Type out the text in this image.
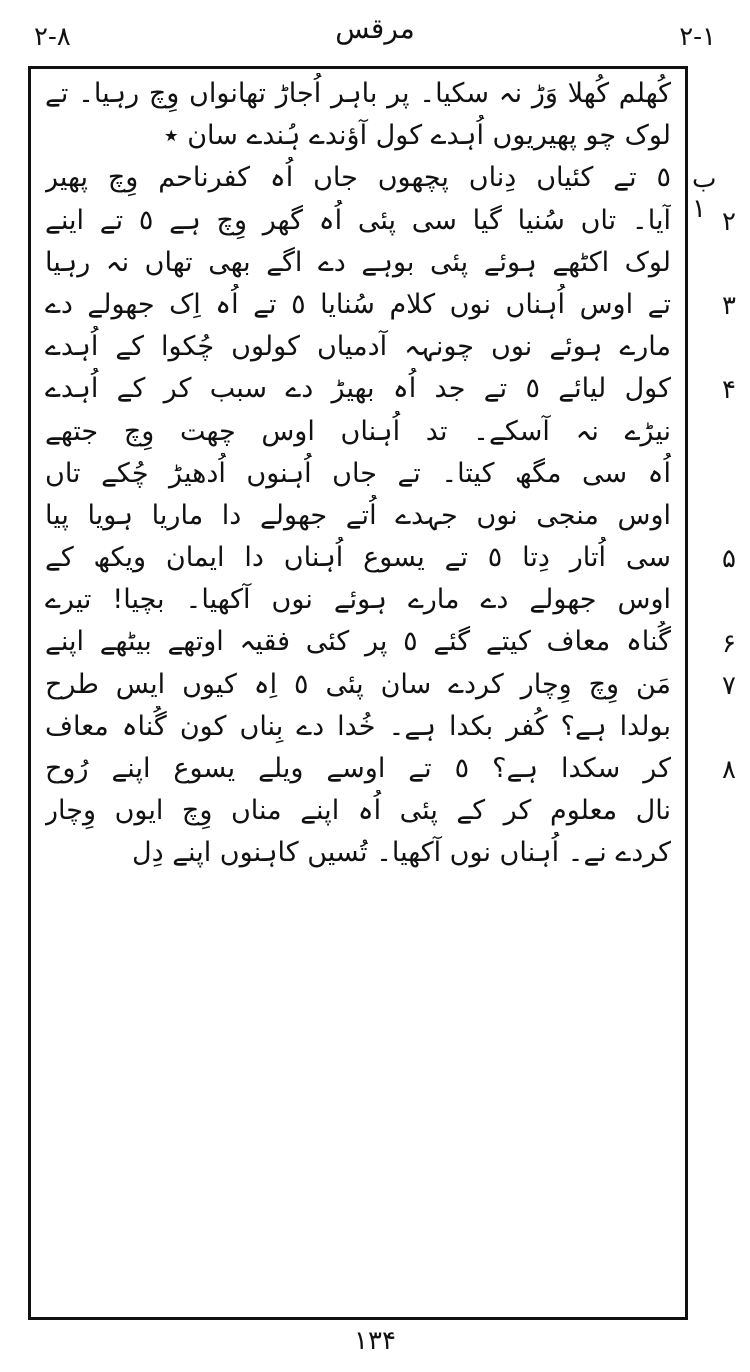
٨-٢	مرقس	١-٢
کُھلم کُھلا وَڑ نہ سکیا۔ پر باہر اُجاڑ تھانواں وِچ رہیا۔ تے
لوک چو پھیریوں اُہدے کول آؤندے ہُندے سان ٭
٥ تے کئیاں دِناں پچھوں جاں اُہ کفرناحم وِچ پھیر
آیا۔ تاں سُنیا گیا سی پئی اُہ گھر وِچ ہے ٥ تے اینے
لوک اکٹھے ہوئے پئی بوہے دے اگے بھی تھاں نہ رہیا
تے اوس اُہناں نوں کلام سُنایا ٥ تے اُہ اِک جھولے دے
مارے ہوئے نوں چونہہ آدمیاں کولوں چُکوا کے اُہدے
کول لیائے ٥ تے جد اُہ بھیڑ دے سبب کر کے اُہدے
نیڑے نہ آسکے۔ تد اُہناں اوس چھت وِچ جتھے
اُہ سی مگھ کیتا۔ تے جاں اُہنوں اُدھیڑ چُکے تاں
اوس منجی نوں جہدے اُتے جھولے دا ماریا ہویا پیا
سی اُتار دِتا ٥ تے یسوع اُہناں دا ایمان ویکھ کے
اوس جھولے دے مارے ہوئے نوں آکھیا۔ بچیا! تیرے
گُناہ معاف کیتے گئے ٥ پر کئی فقیہ اوتھے بیٹھے اپنے
مَن وِچ وِچار کردے سان پئی ٥ اِہ کیوں ایس طرح
بولدا ہے؟ کُفر بکدا ہے۔ خُدا دے بِناں کون گُناہ معاف
کر سکدا ہے؟ ٥ تے اوسے ویلے یسوع اپنے رُوح
نال معلوم کر کے پئی اُہ اپنے مناں وِچ ایوں وِچار
کردے نے۔ اُہناں نوں آکھیا۔ تُسیں کاہنوں اپنے دِل
ب ۱ ۲
۳
۴
۵
۶
۷
۸
۱۳۴
